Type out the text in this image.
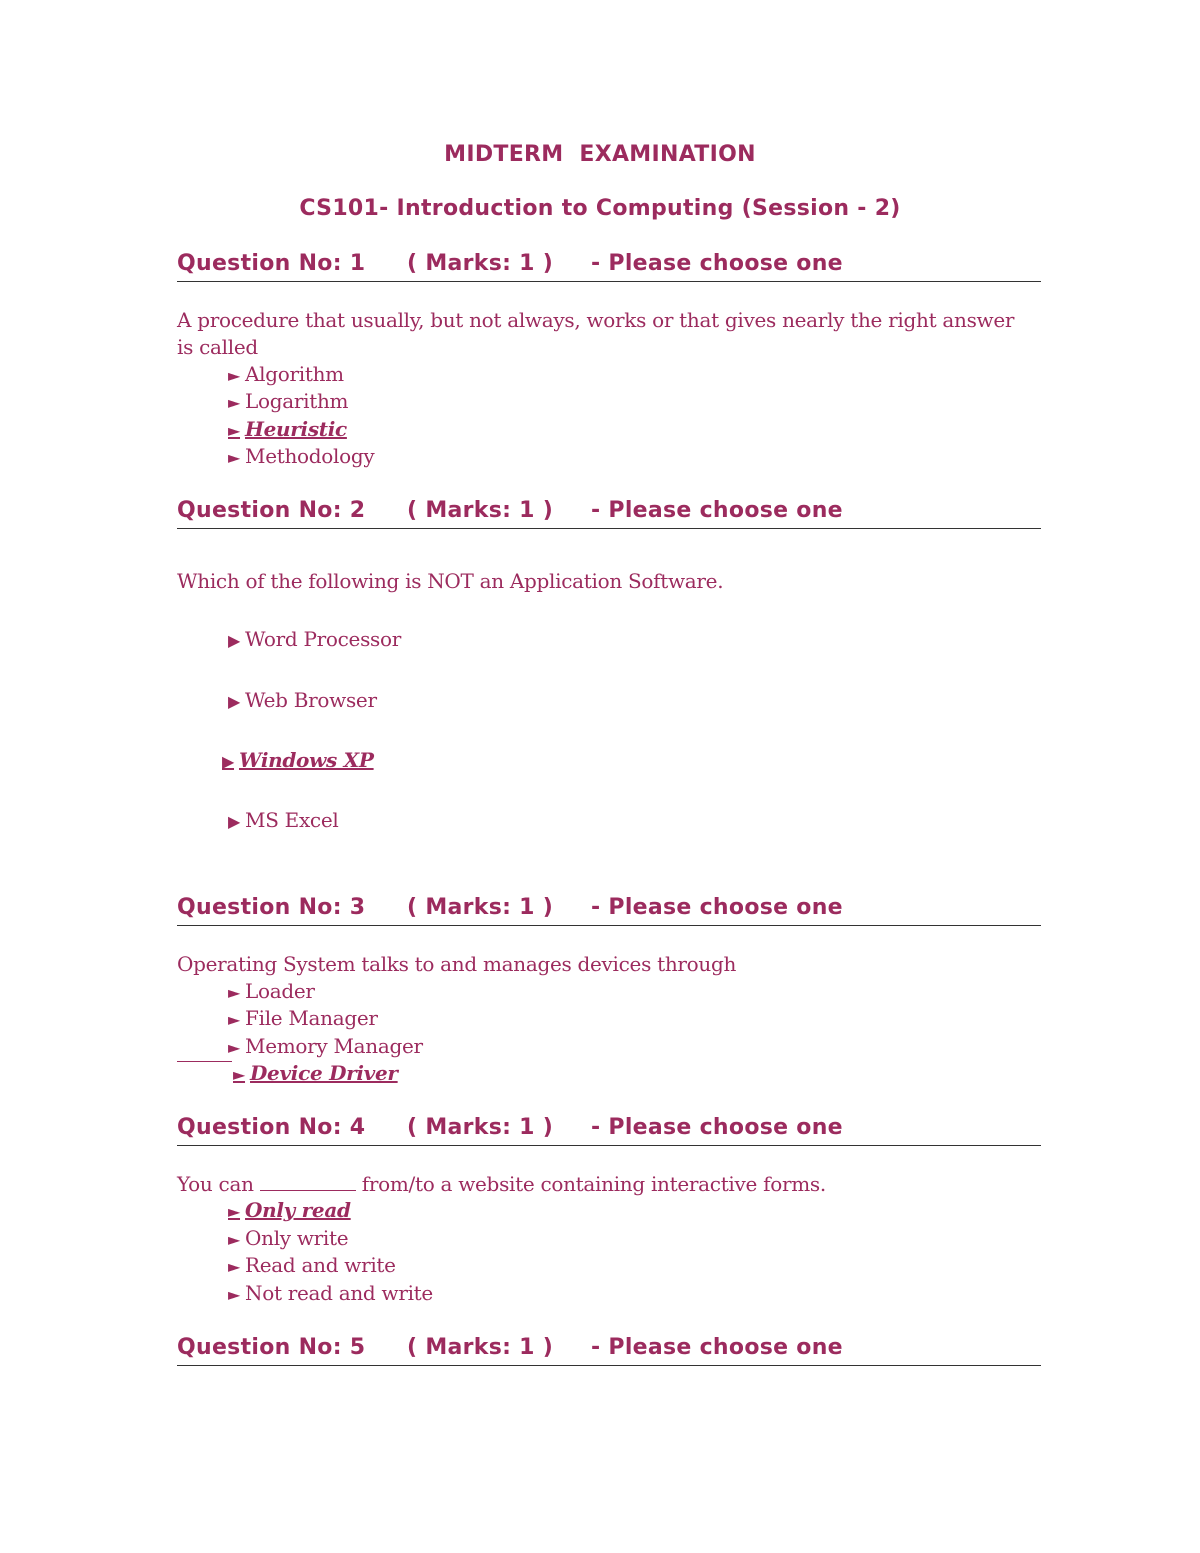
MIDTERM  EXAMINATION
CS101- Introduction to Computing (Session - 2)

Question No: 1

( Marks: 1 )

- Please choose one

A procedure that usually, but not always, works or that gives nearly the right answer is called
► Algorithm
► Logarithm
► Heuristic
► Methodology

Question No: 2

( Marks: 1 )

- Please choose one

Which of the following is NOT an Application Software.
▶ Word Processor
▶ Web Browser
▶ Windows XP
▶ MS Excel

Question No: 3

( Marks: 1 )

- Please choose one

Operating System talks to and manages devices through
► Loader
► File Manager
► Memory Manager
► Device Driver

Question No: 4

( Marks: 1 )

- Please choose one

You can	from/to a website containing interactive forms.
► Only read
► Only write
► Read and write
► Not read and write

Question No: 5

( Marks: 1 )

- Please choose one
